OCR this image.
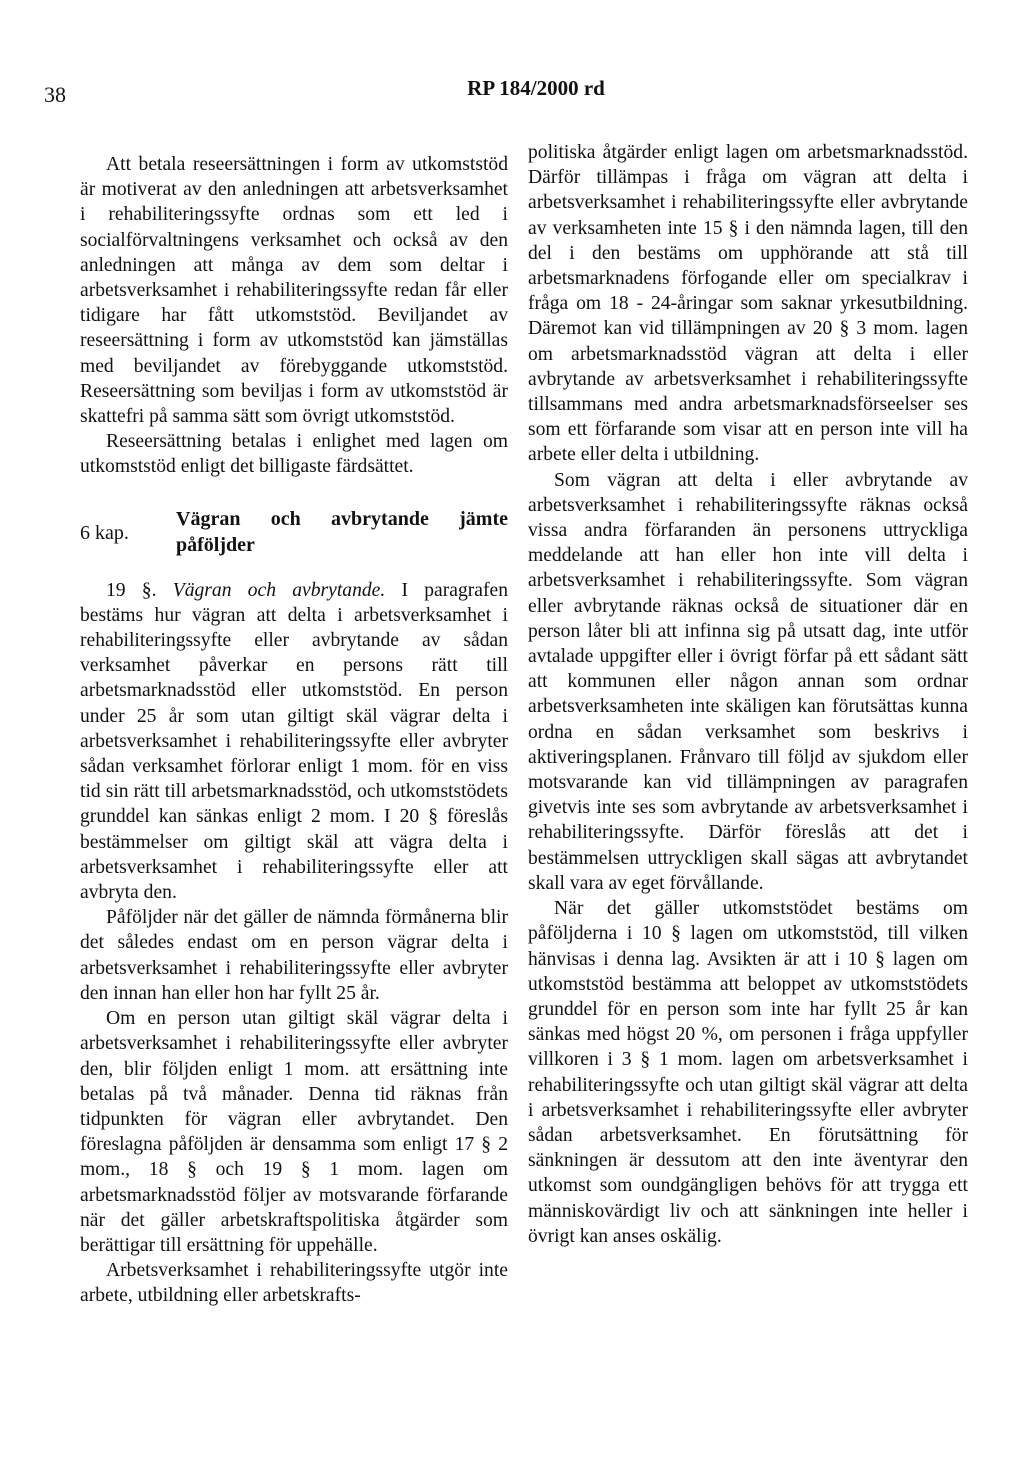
38	RP 184/2000 rd

Att betala reseersättningen i form av utkomststöd är motiverat av den anledningen att arbetsverksamhet i rehabiliteringssyfte ordnas som ett led i socialförvaltningens verksamhet och också av den anledningen att många av dem som deltar i arbetsverksamhet i rehabiliteringssyfte redan får eller tidigare har fått utkomststöd. Beviljandet av reseersättning i form av utkomststöd kan jämställas med beviljandet av förebyggande utkomststöd. Reseersättning som beviljas i form av utkomststöd är skattefri på samma sätt som övrigt utkomststöd.

Reseersättning betalas i enlighet med lagen om utkomststöd enligt det billigaste färdsättet.

6 kap.
Vägran och avbrytande jämte påföljder

19 §. Vägran och avbrytande. I paragrafen bestäms hur vägran att delta i arbetsverksamhet i rehabiliteringssyfte eller avbrytande av sådan verksamhet påverkar en persons rätt till arbetsmarknadsstöd eller utkomststöd. En person under 25 år som utan giltigt skäl vägrar delta i arbetsverksamhet i rehabiliteringssyfte eller avbryter sådan verksamhet förlorar enligt 1 mom. för en viss tid sin rätt till arbetsmarknadsstöd, och utkomststödets grunddel kan sänkas enligt 2 mom. I 20 § föreslås bestämmelser om giltigt skäl att vägra delta i arbetsverksamhet i rehabiliteringssyfte eller att avbryta den.

Påföljder när det gäller de nämnda förmånerna blir det således endast om en person vägrar delta i arbetsverksamhet i rehabiliteringssyfte eller avbryter den innan han eller hon har fyllt 25 år.

Om en person utan giltigt skäl vägrar delta i arbetsverksamhet i rehabiliteringssyfte eller avbryter den, blir följden enligt 1 mom. att ersättning inte betalas på två månader. Denna tid räknas från tidpunkten för vägran eller avbrytandet. Den föreslagna påföljden är densamma som enligt 17 § 2 mom., 18 § och 19 § 1 mom. lagen om arbetsmarknadsstöd följer av motsvarande förfarande när det gäller arbetskraftspolitiska åtgärder som berättigar till ersättning för uppehälle.

Arbetsverksamhet i rehabiliteringssyfte utgör inte arbete, utbildning eller arbetskrafts-

politiska åtgärder enligt lagen om arbetsmarknadsstöd. Därför tillämpas i fråga om vägran att delta i arbetsverksamhet i rehabiliteringssyfte eller avbrytande av verksamheten inte 15 § i den nämnda lagen, till den del i den bestäms om upphörande att stå till arbetsmarknadens förfogande eller om specialkrav i fråga om 18 - 24-åringar som saknar yrkesutbildning. Däremot kan vid tillämpningen av 20 § 3 mom. lagen om arbetsmarknadsstöd vägran att delta i eller avbrytande av arbetsverksamhet i rehabiliteringssyfte tillsammans med andra arbetsmarknadsförseelser ses som ett förfarande som visar att en person inte vill ha arbete eller delta i utbildning.

Som vägran att delta i eller avbrytande av arbetsverksamhet i rehabiliteringssyfte räknas också vissa andra förfaranden än personens uttryckliga meddelande att han eller hon inte vill delta i arbetsverksamhet i rehabiliteringssyfte. Som vägran eller avbrytande räknas också de situationer där en person låter bli att infinna sig på utsatt dag, inte utför avtalade uppgifter eller i övrigt förfar på ett sådant sätt att kommunen eller någon annan som ordnar arbetsverksamheten inte skäligen kan förutsättas kunna ordna en sådan verksamhet som beskrivs i aktiveringsplanen. Frånvaro till följd av sjukdom eller motsvarande kan vid tillämpningen av paragrafen givetvis inte ses som avbrytande av arbetsverksamhet i rehabiliteringssyfte. Därför föreslås att det i bestämmelsen uttryckligen skall sägas att avbrytandet skall vara av eget förvållande.

När det gäller utkomststödet bestäms om påföljderna i 10 § lagen om utkomststöd, till vilken hänvisas i denna lag. Avsikten är att i 10 § lagen om utkomststöd bestämma att beloppet av utkomststödets grunddel för en person som inte har fyllt 25 år kan sänkas med högst 20 %, om personen i fråga uppfyller villkoren i 3 § 1 mom. lagen om arbetsverksamhet i rehabiliteringssyfte och utan giltigt skäl vägrar att delta i arbetsverksamhet i rehabiliteringssyfte eller avbryter sådan arbetsverksamhet. En förutsättning för sänkningen är dessutom att den inte äventyrar den utkomst som oundgängligen behövs för att trygga ett människovärdigt liv och att sänkningen inte heller i övrigt kan anses oskälig.
